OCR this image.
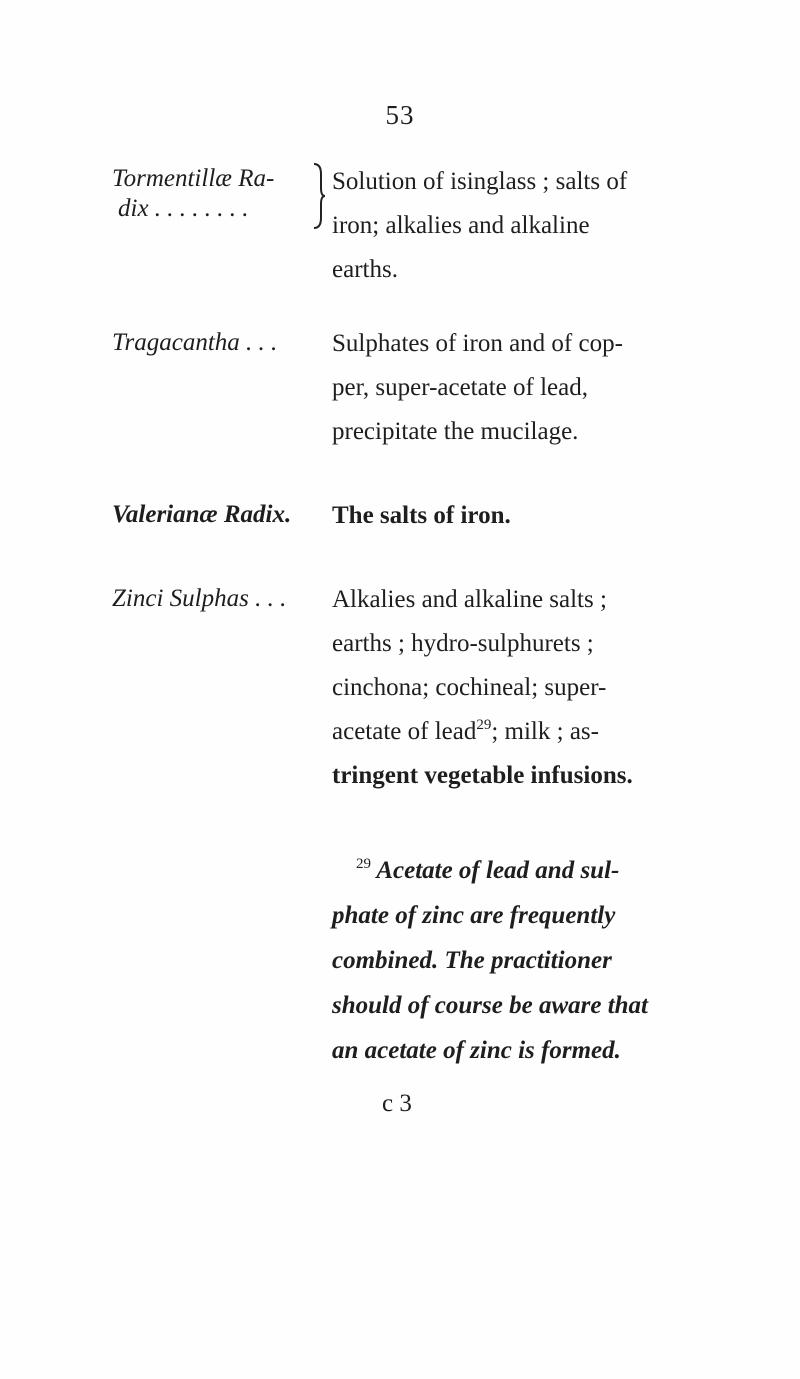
53
Tormentillæ Ra-
dix . . . . . . . .
Solution of isinglass ; salts of
iron; alkalies and alkaline
earths.
Tragacantha . . . Sulphates of iron and of cop-
per, super-acetate of lead,
precipitate the mucilage.
Valerianæ Radix. The salts of iron.
Zinci Sulphas . . . Alkalies and alkaline salts ;
earths ; hydro-sulphurets ;
cinchona; cochineal; super-
acetate of lead$^{29}$; milk ; as-
tringent vegetable infusions.
$^{29}$ Acetate of lead and sul-
phate of zinc are frequently
combined. The practitioner
should of course be aware that
an acetate of zinc is formed.
c 3
